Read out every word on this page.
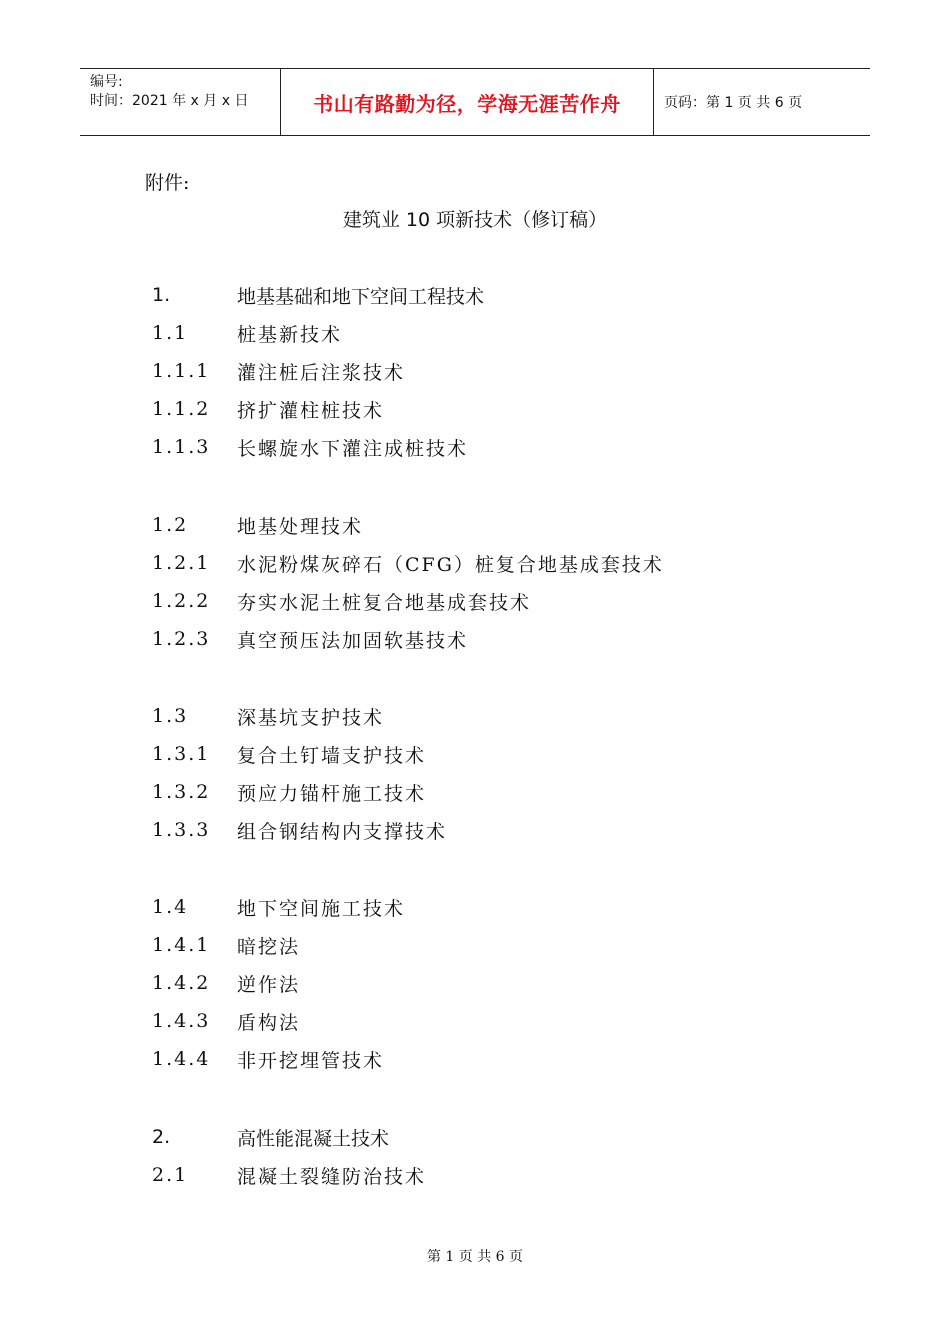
编号:
时间：2021 年 x 月 x 日	书山有路勤为径，学海无涯苦作舟	页码：第 1 页 共 6 页
附件:
建筑业 10 项新技术（修订稿）
1.	地基基础和地下空间工程技术
1.1	桩基新技术
1.1.1	灌注桩后注浆技术
1.1.2	挤扩灌柱桩技术
1.1.3	长螺旋水下灌注成桩技术
1.2	地基处理技术
1.2.1	水泥粉煤灰碎石（CFG）桩复合地基成套技术
1.2.2	夯实水泥土桩复合地基成套技术
1.2.3	真空预压法加固软基技术
1.3	深基坑支护技术
1.3.1	复合土钉墙支护技术
1.3.2	预应力锚杆施工技术
1.3.3	组合钢结构内支撑技术
1.4	地下空间施工技术
1.4.1	暗挖法
1.4.2	逆作法
1.4.3	盾构法
1.4.4	非开挖埋管技术
2.	高性能混凝土技术
2.1	混凝土裂缝防治技术
第 1 页 共 6 页
